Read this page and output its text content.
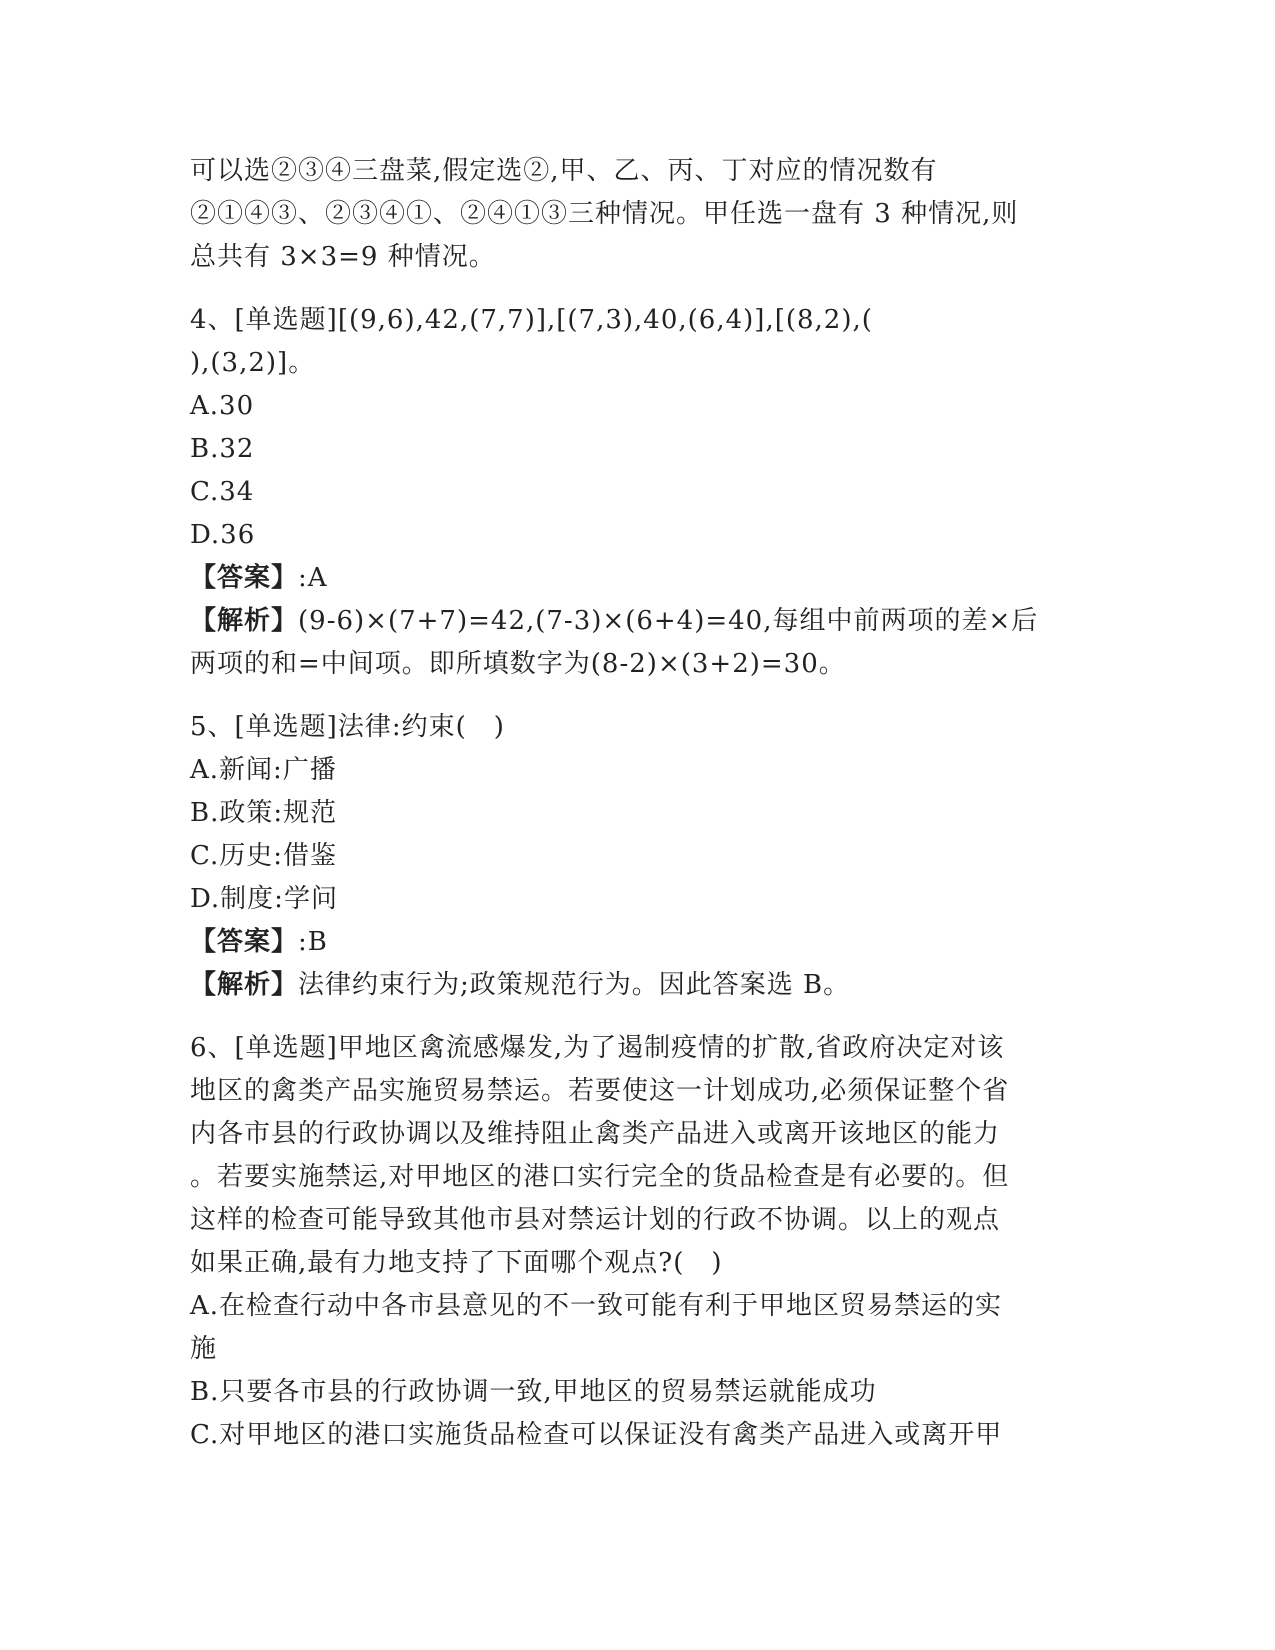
可以选②③④三盘菜,假定选②,甲、乙、丙、丁对应的情况数有
②①④③、②③④①、②④①③三种情况。甲任选一盘有 3 种情况,则
总共有 3×3=9 种情况。
4、[单选题][(9,6),42,(7,7)],[(7,3),40,(6,4)],[(8,2),(
),(3,2)]。
A.30
B.32
C.34
D.36
【答案】:A
【解析】(9-6)×(7+7)=42,(7-3)×(6+4)=40,每组中前两项的差×后
两项的和=中间项。即所填数字为(8-2)×(3+2)=30。
5、[单选题]法律:约束(　)
A.新闻:广播
B.政策:规范
C.历史:借鉴
D.制度:学问
【答案】:B
【解析】法律约束行为;政策规范行为。因此答案选 B。
6、[单选题]甲地区禽流感爆发,为了遏制疫情的扩散,省政府决定对该
地区的禽类产品实施贸易禁运。若要使这一计划成功,必须保证整个省
内各市县的行政协调以及维持阻止禽类产品进入或离开该地区的能力
。若要实施禁运,对甲地区的港口实行完全的货品检查是有必要的。但
这样的检查可能导致其他市县对禁运计划的行政不协调。以上的观点
如果正确,最有力地支持了下面哪个观点?(　)
A.在检查行动中各市县意见的不一致可能有利于甲地区贸易禁运的实
施
B.只要各市县的行政协调一致,甲地区的贸易禁运就能成功
C.对甲地区的港口实施货品检查可以保证没有禽类产品进入或离开甲
